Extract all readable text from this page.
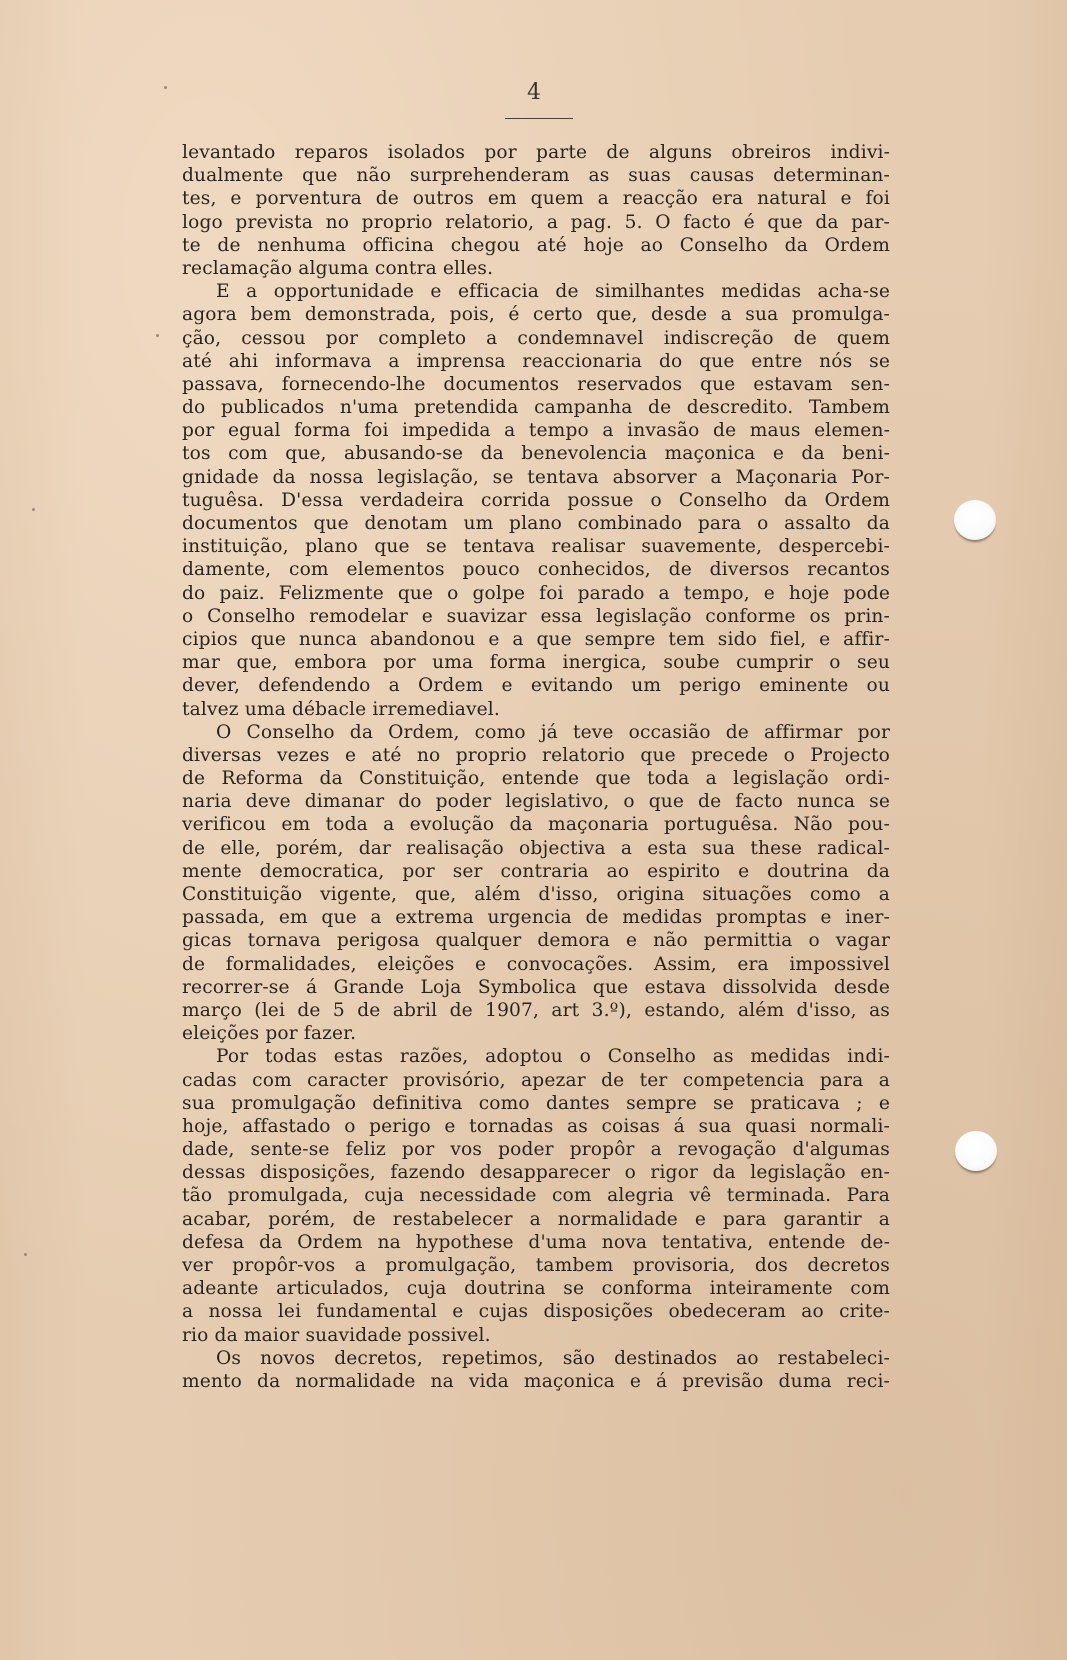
4
levantado reparos isolados por parte de alguns obreiros indivi-
dualmente que não surprehenderam as suas causas determinan-
tes, e porventura de outros em quem a reacção era natural e foi
logo prevista no proprio relatorio, a pag. 5. O facto é que da par-
te de nenhuma officina chegou até hoje ao Conselho da Ordem
reclamação alguma contra elles.
E a opportunidade e efficacia de similhantes medidas acha-se
agora bem demonstrada, pois, é certo que, desde a sua promulga-
ção, cessou por completo a condemnavel indiscreção de quem
até ahi informava a imprensa reaccionaria do que entre nós se
passava, fornecendo-lhe documentos reservados que estavam sen-
do publicados n'uma pretendida campanha de descredito. Tambem
por egual forma foi impedida a tempo a invasão de maus elemen-
tos com que, abusando-se da benevolencia maçonica e da beni-
gnidade da nossa legislação, se tentava absorver a Maçonaria Por-
tuguêsa. D'essa verdadeira corrida possue o Conselho da Ordem
documentos que denotam um plano combinado para o assalto da
instituição, plano que se tentava realisar suavemente, despercebi-
damente, com elementos pouco conhecidos, de diversos recantos
do paiz. Felizmente que o golpe foi parado a tempo, e hoje pode
o Conselho remodelar e suavizar essa legislação conforme os prin-
cipios que nunca abandonou e a que sempre tem sido fiel, e affir-
mar que, embora por uma forma inergica, soube cumprir o seu
dever, defendendo a Ordem e evitando um perigo eminente ou
talvez uma débacle irremediavel.
O Conselho da Ordem, como já teve occasião de affirmar por
diversas vezes e até no proprio relatorio que precede o Projecto
de Reforma da Constituição, entende que toda a legislação ordi-
naria deve dimanar do poder legislativo, o que de facto nunca se
verificou em toda a evolução da maçonaria portuguêsa. Não pou-
de elle, porém, dar realisação objectiva a esta sua these radical-
mente democratica, por ser contraria ao espirito e doutrina da
Constituição vigente, que, além d'isso, origina situações como a
passada, em que a extrema urgencia de medidas promptas e iner-
gicas tornava perigosa qualquer demora e não permittia o vagar
de formalidades, eleições e convocações. Assim, era impossivel
recorrer-se á Grande Loja Symbolica que estava dissolvida desde
março (lei de 5 de abril de 1907, art 3.º), estando, além d'isso, as
eleições por fazer.
Por todas estas razões, adoptou o Conselho as medidas indi-
cadas com caracter provisório, apezar de ter competencia para a
sua promulgação definitiva como dantes sempre se praticava ; e
hoje, affastado o perigo e tornadas as coisas á sua quasi normali-
dade, sente-se feliz por vos poder propôr a revogação d'algumas
dessas disposições, fazendo desapparecer o rigor da legislação en-
tão promulgada, cuja necessidade com alegria vê terminada. Para
acabar, porém, de restabelecer a normalidade e para garantir a
defesa da Ordem na hypothese d'uma nova tentativa, entende de-
ver propôr-vos a promulgação, tambem provisoria, dos decretos
adeante articulados, cuja doutrina se conforma inteiramente com
a nossa lei fundamental e cujas disposições obedeceram ao crite-
rio da maior suavidade possivel.
Os novos decretos, repetimos, são destinados ao restabeleci-
mento da normalidade na vida maçonica e á previsão duma reci-
